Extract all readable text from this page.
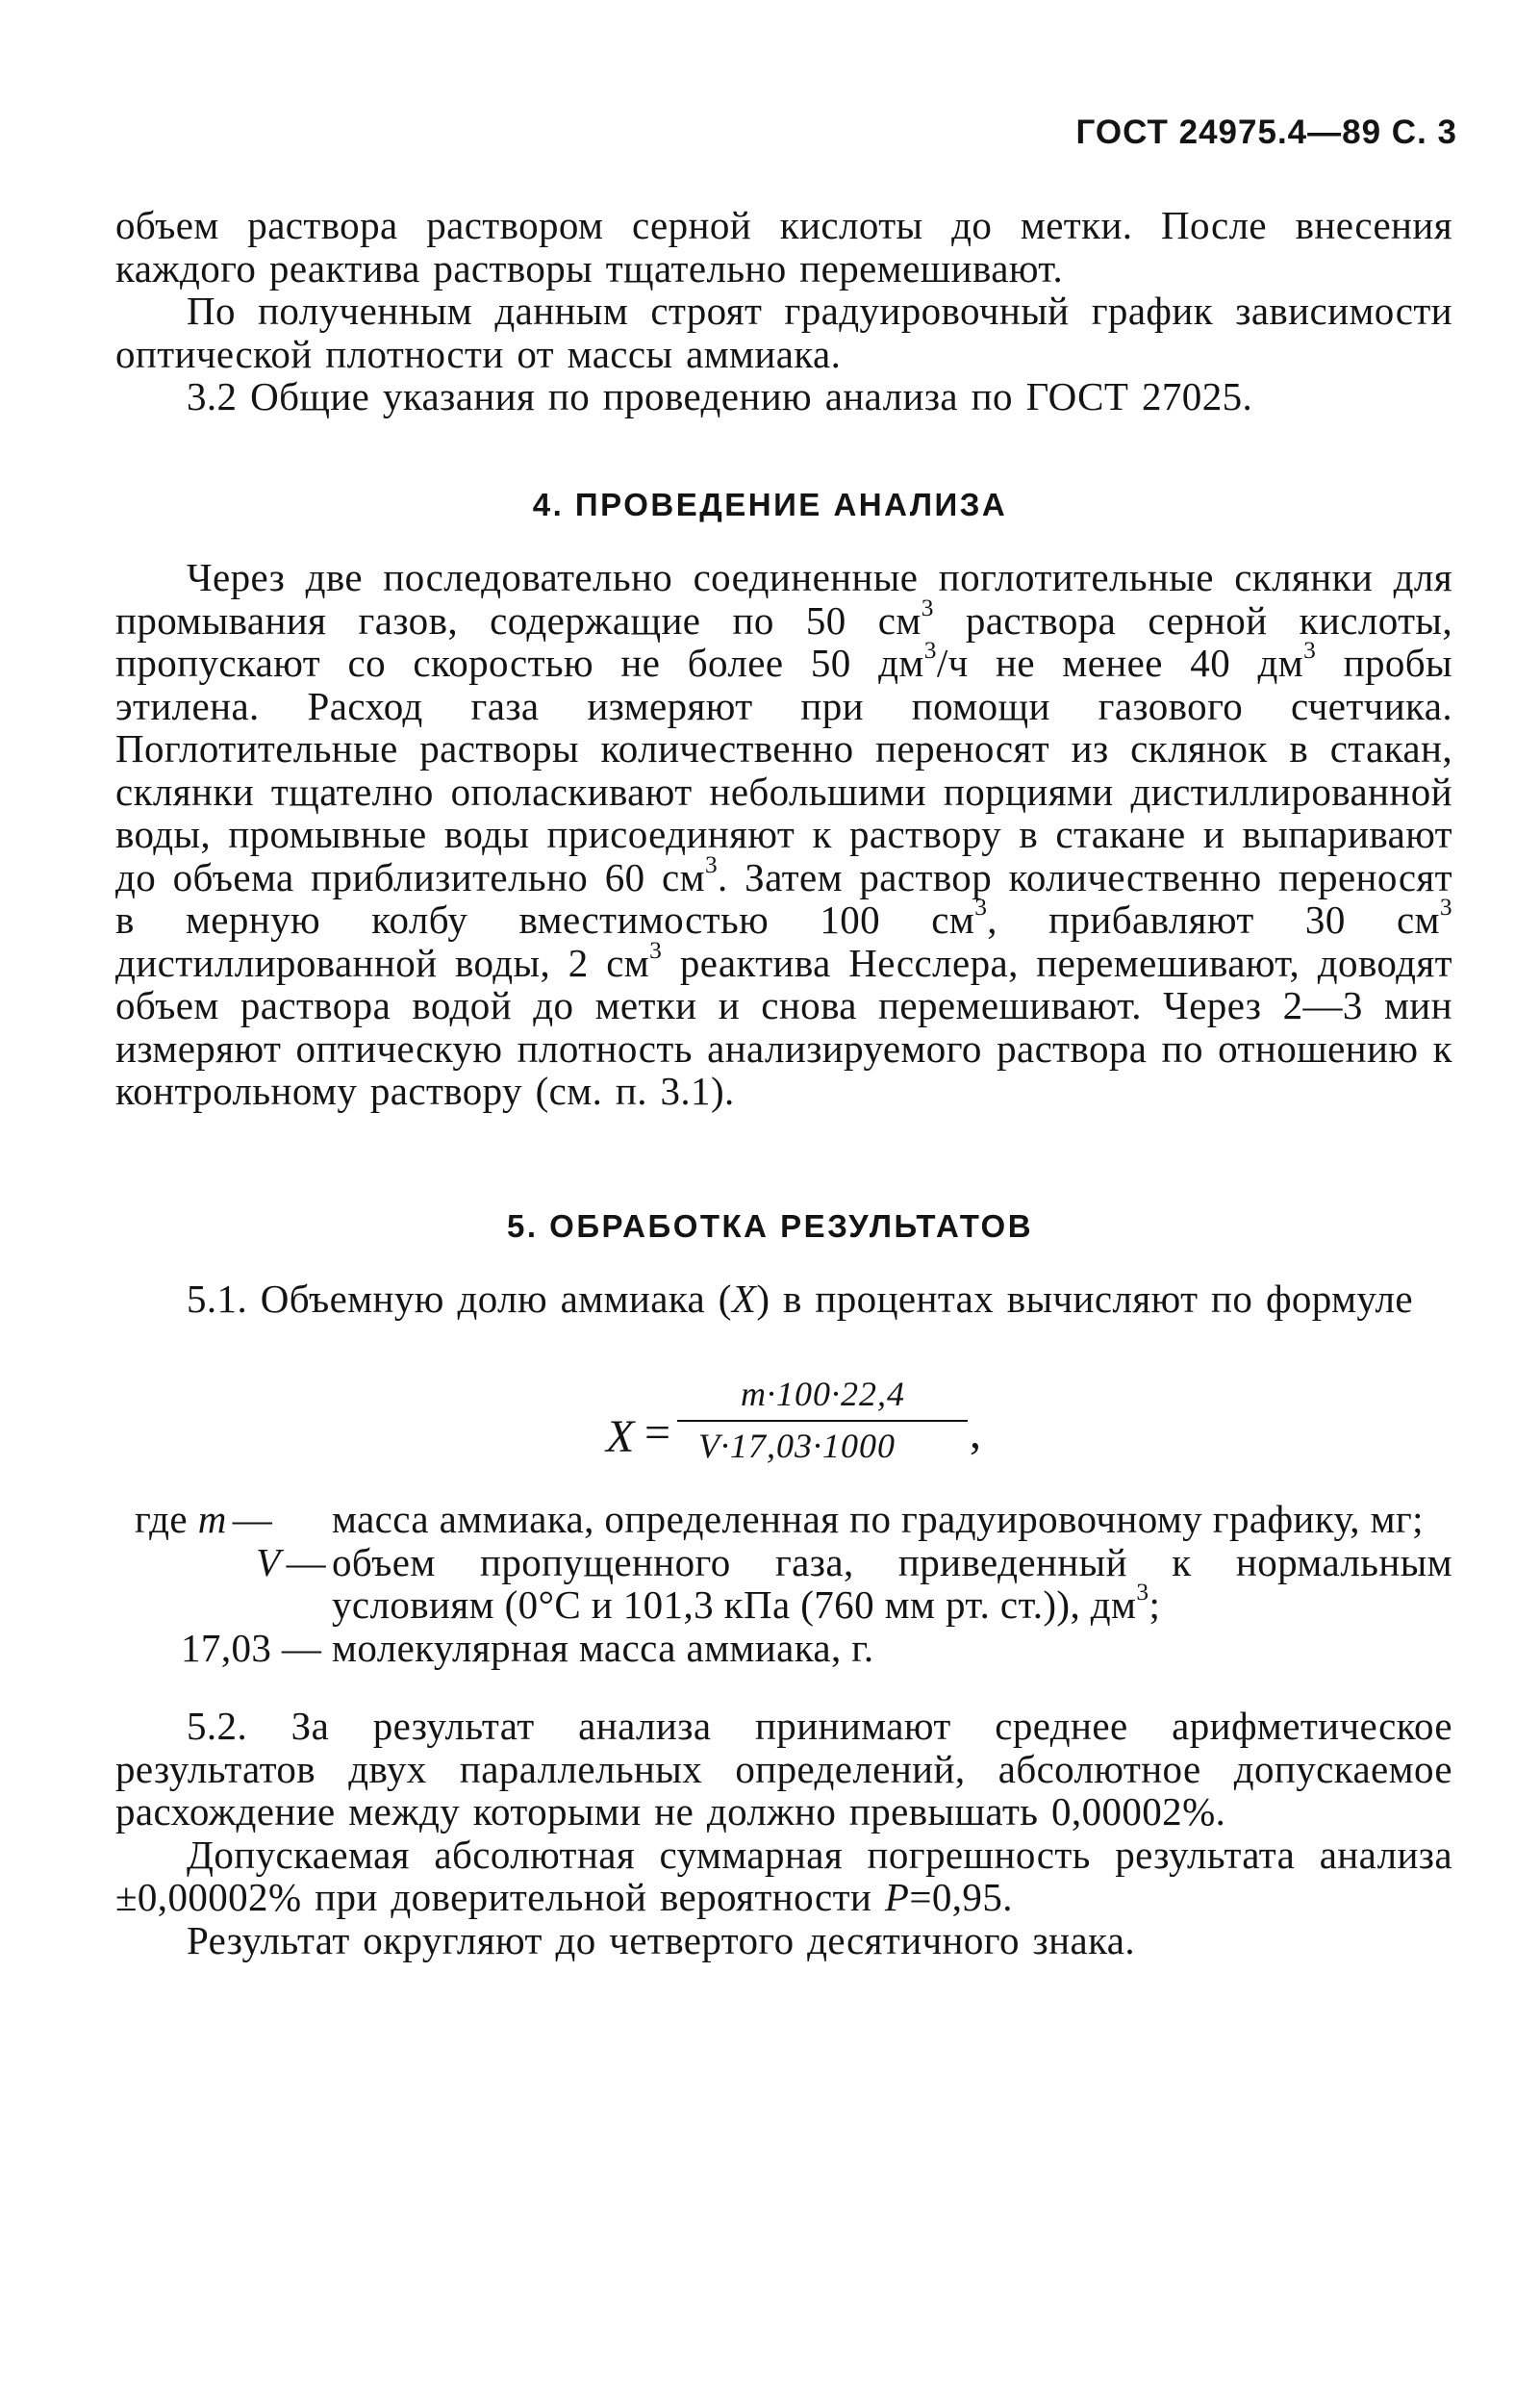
ГОСТ 24975.4—89 С. 3

объем раствора раствором серной кислоты до метки. После внесения каждого реактива растворы тщательно перемешивают.

По полученным данным строят градуировочный график зависимости оптической плотности от массы аммиака.

3.2 Общие указания по проведению анализа по ГОСТ 27025.

4. ПРОВЕДЕНИЕ АНАЛИЗА

Через две последовательно соединенные поглотительные склянки для промывания газов, содержащие по 50 $см^3$ раствора серной кислоты, пропускают со скоростью не более 50 $дм^3/ч$ не менее 40 $дм^3$ пробы этилена. Расход газа измеряют при помощи газового счетчика. Поглотительные растворы количественно переносят из склянок в стакан, склянки тщателно ополаскивают небольшими порциями дистиллированной воды, промывные воды присоединяют к раствору в стакане и выпаривают до объема приблизительно 60 $см^3$. Затем раствор количественно переносят в мерную колбу вместимостью 100 $см^3$, прибавляют 30 $см^3$ дистиллированной воды, 2 $см^3$ реактива Несслера, перемешивают, доводят объем раствора водой до метки и снова перемешивают. Через 2—3 мин измеряют оптическую плотность анализируемого раствора по отношению к контрольному раствору (см. п. 3.1).

5. ОБРАБОТКА РЕЗУЛЬТАТОВ

5.1. Объемную долю аммиака (X) в процентах вычисляют по формуле

X =
m·100·22,4
V·17,03·1000 ,
где m —	масса аммиака, определенная по градуировочному графику, мг;
V — объем пропущенного газа, приведенный к нормальным условиям (0°С и 101,3 кПа (760 мм рт. ст.)), $дм^3$;
17,03 — молекулярная масса аммиака, г.

5.2. За результат анализа принимают среднее арифметическое результатов двух параллельных определений, абсолютное допускаемое расхождение между которыми не должно превышать 0,00002%.

Допускаемая абсолютная суммарная погрешность результата анализа ±0,00002% при доверительной вероятности P=0,95.

Результат округляют до четвертого десятичного знака.
